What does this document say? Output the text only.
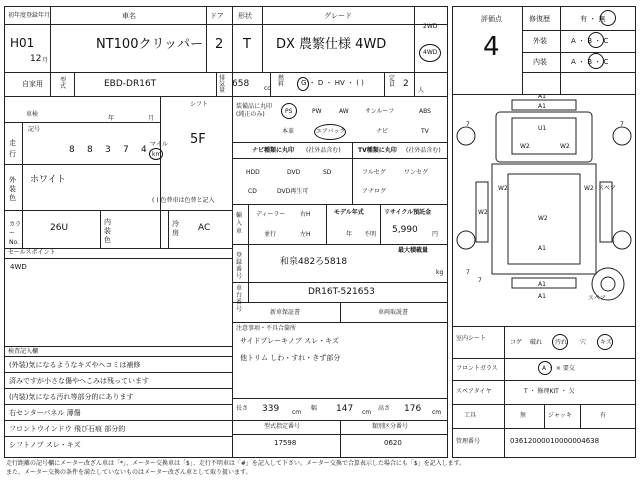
初年度登録年月
H01
12 月
車名
NT100クリッパー
ドア
2
形状
T
グレード
DX 農繁仕様 4WD
2WD
4WD
自家用	型式	EBD-DR16T
排気量
658 cc
燃料 G ・ D ・ HV ・ ( )
定員 2
人
評価点
4
修復歴	有 ・ 無
外装	A ・ B ・ C
内装	A ・ B ・ C
車検
年	月
シフト
5F
走行
記号
8 8 3 7 4
マイル
km
外装色
ホワイト
( ) 色替車は色替と記入
カラーNo.
26U
内装色
冷房 AC
セールスポイント
4WD
検査記入欄
(外装)気になるようなキズやヘコミは補修
済みですが小さな傷やへこみは残っています
(内装)気になる汚れ等部分的にあります
右センターパネル 薄傷
フロントウインドウ 飛び石痕 部分的
シフトノブ スレ・キズ
装備品に丸印
(純正のみ)	PS	PW	AW	サンルーフ	ABS
本革	エアバック	ナビ	TV
ナビ種類に丸印 (社外品含む)
HDD	DVD	SD
CD	DVD再生可
TV種類に丸印 (社外品含む)
フルセグ	ワンセグ
アナログ
輸入車
ディーラー 右H
並行	左H
モデル年式
年 不明
リサイクル預託金
5,990 円
最大積載量
kg
登録番号
和泉482ろ5818
車台番号
DR16T-521653
新車保証書	車両取説書
注意事項・不具合箇所
サイドブレーキノブ スレ・キズ
他トリム しわ・すれ・きず部分
長さ 339 cm
幅 147 cm
高さ 176 cm
型式指定番号
17598
類別区分番号
0620
A1
A1
U1
W2	W2
W2	W2
W2
W2
A1
A1
A1
7	7
7
7
スペア
スペア
室内シート
コゲ 破れ 汚れ 穴 キズ
フロントガラス	A ・ × 要交
スペアタイヤ	T ・ 修理KIT ・ 欠
工具	無	ジャッキ	有
管理番号	03612000010000004638
走行距離の記号欄にメーター改ざん車は「*」、メーター交換車は「$」、走行不明車は「#」を記入して下さい。メーター交換で合算表示した場合にも「$」を記入します。
また、メーター交換の条件を満たしていないものはメーター改ざん車として取り扱います。
